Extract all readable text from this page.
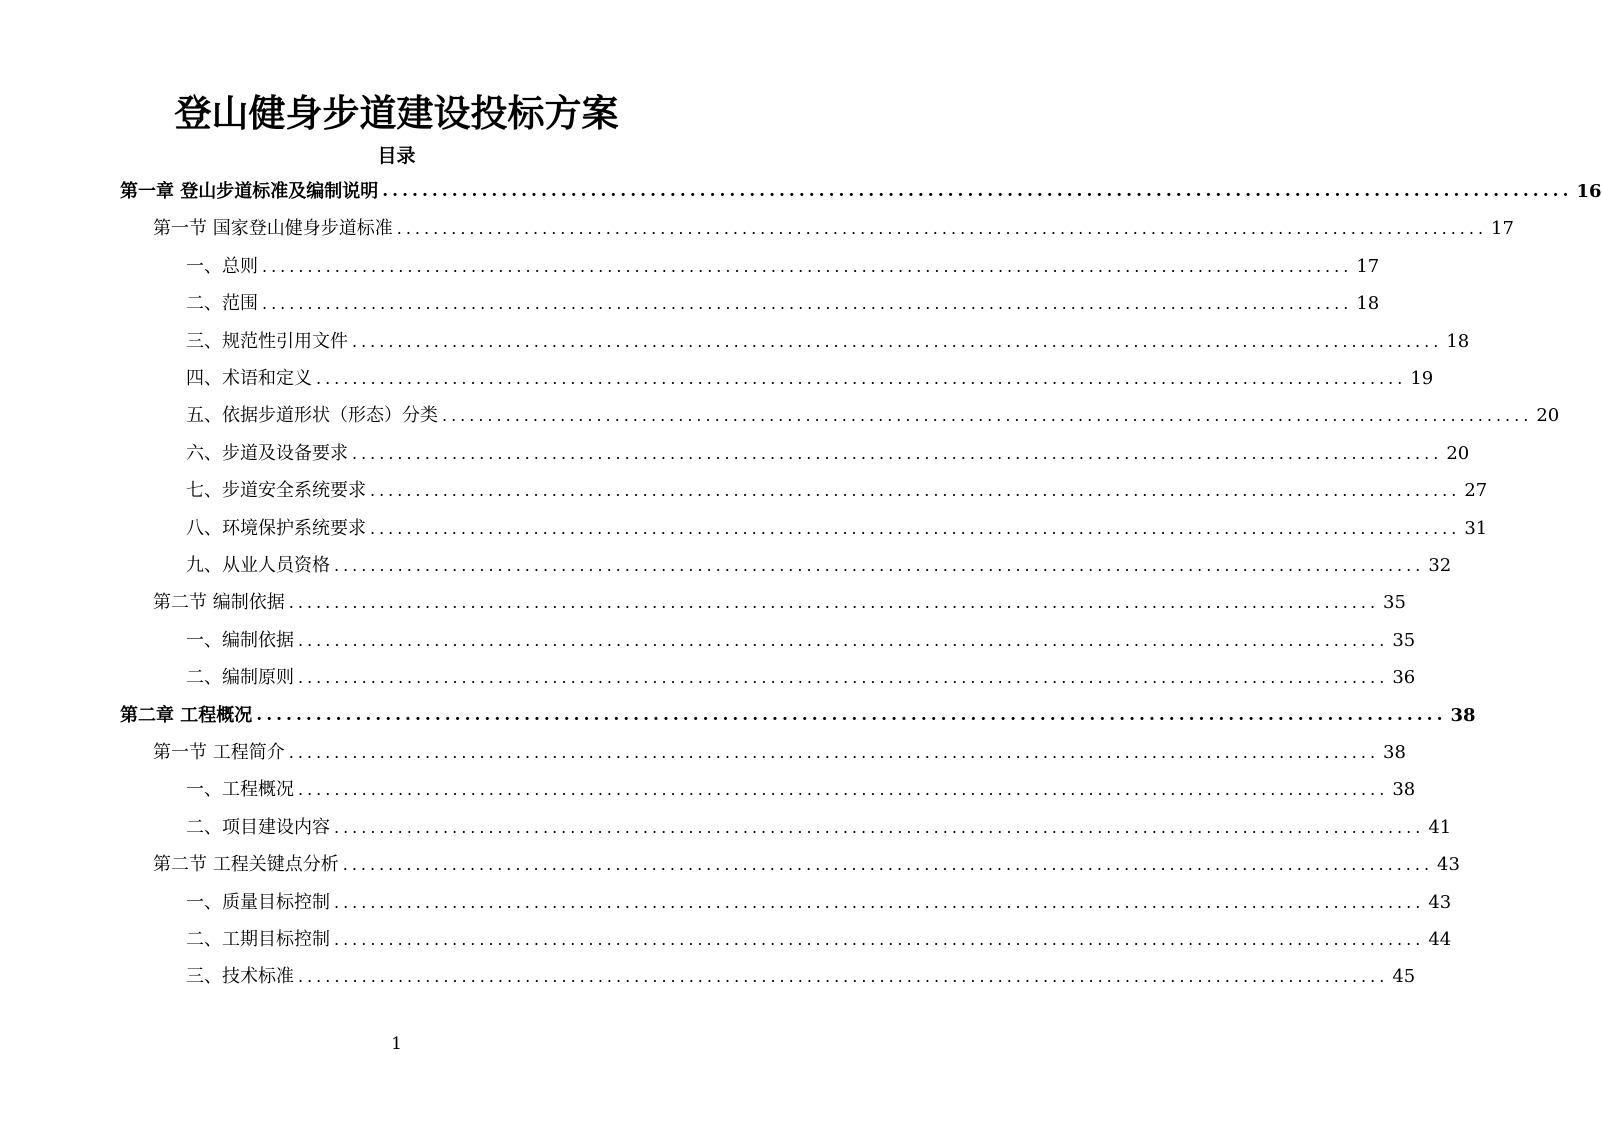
登山健身步道建设投标方案
目录
第一章 登山步道标准及编制说明 ........................................................................................................................ 16
第一节 国家登山健身步道标准 ........................................................................................................................ 17
一、总则 ........................................................................................................................ 17
二、范围 ........................................................................................................................ 18
三、规范性引用文件 ........................................................................................................................ 18
四、术语和定义 ........................................................................................................................ 19
五、依据步道形状（形态）分类 ........................................................................................................................ 20
六、步道及设备要求 ........................................................................................................................ 20
七、步道安全系统要求 ........................................................................................................................ 27
八、环境保护系统要求 ........................................................................................................................ 31
九、从业人员资格 ........................................................................................................................ 32
第二节 编制依据 ........................................................................................................................ 35
一、编制依据 ........................................................................................................................ 35
二、编制原则 ........................................................................................................................ 36
第二章 工程概况 ........................................................................................................................ 38
第一节 工程简介 ........................................................................................................................ 38
一、工程概况 ........................................................................................................................ 38
二、项目建设内容 ........................................................................................................................ 41
第二节 工程关键点分析 ........................................................................................................................ 43
一、质量目标控制 ........................................................................................................................ 43
二、工期目标控制 ........................................................................................................................ 44
三、技术标准 ........................................................................................................................ 45
1
